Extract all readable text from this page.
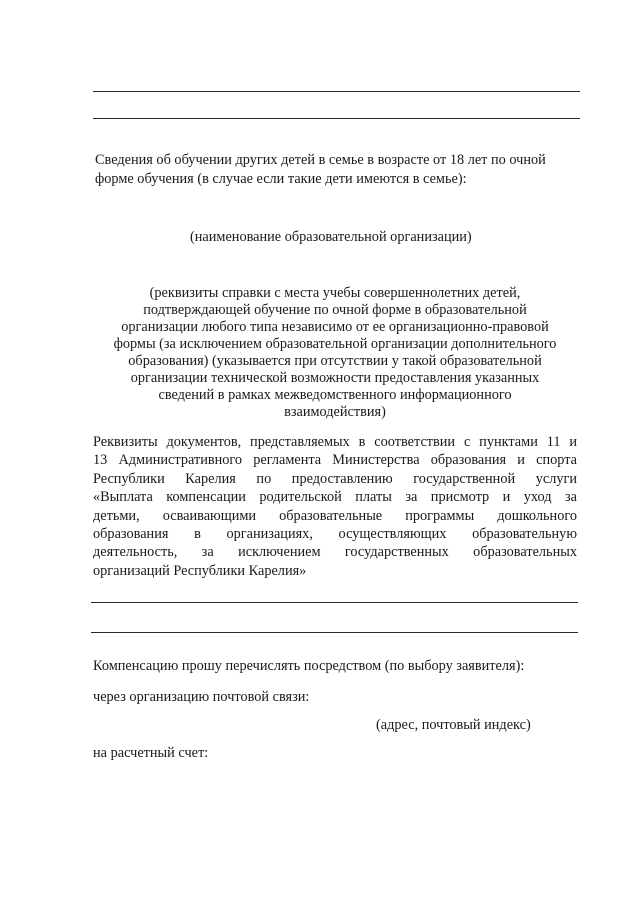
Сведения об обучении других детей в семье в возрасте от 18 лет по очной
форме обучения (в случае если такие дети имеются в семье):
(наименование образовательной организации)
(реквизиты справки с места учебы совершеннолетних детей,
подтверждающей обучение по очной форме в образовательной
организации любого типа независимо от ее организационно-правовой
формы (за исключением образовательной организации дополнительного
образования) (указывается при отсутствии у такой образовательной
организации технической возможности предоставления указанных
сведений в рамках межведомственного информационного
взаимодействия)
Реквизиты документов, представляемых в соответствии с пунктами 11 и
13 Административного регламента Министерства образования и спорта
Республики Карелия по предоставлению государственной услуги
«Выплата компенсации родительской платы за присмотр и уход за
детьми, осваивающими образовательные программы дошкольного
образования в организациях, осуществляющих образовательную
деятельность, за исключением государственных образовательных
организаций Республики Карелия»
Компенсацию прошу перечислять посредством (по выбору заявителя):
через организацию почтовой связи:
(адрес, почтовый индекс)
на расчетный счет:
